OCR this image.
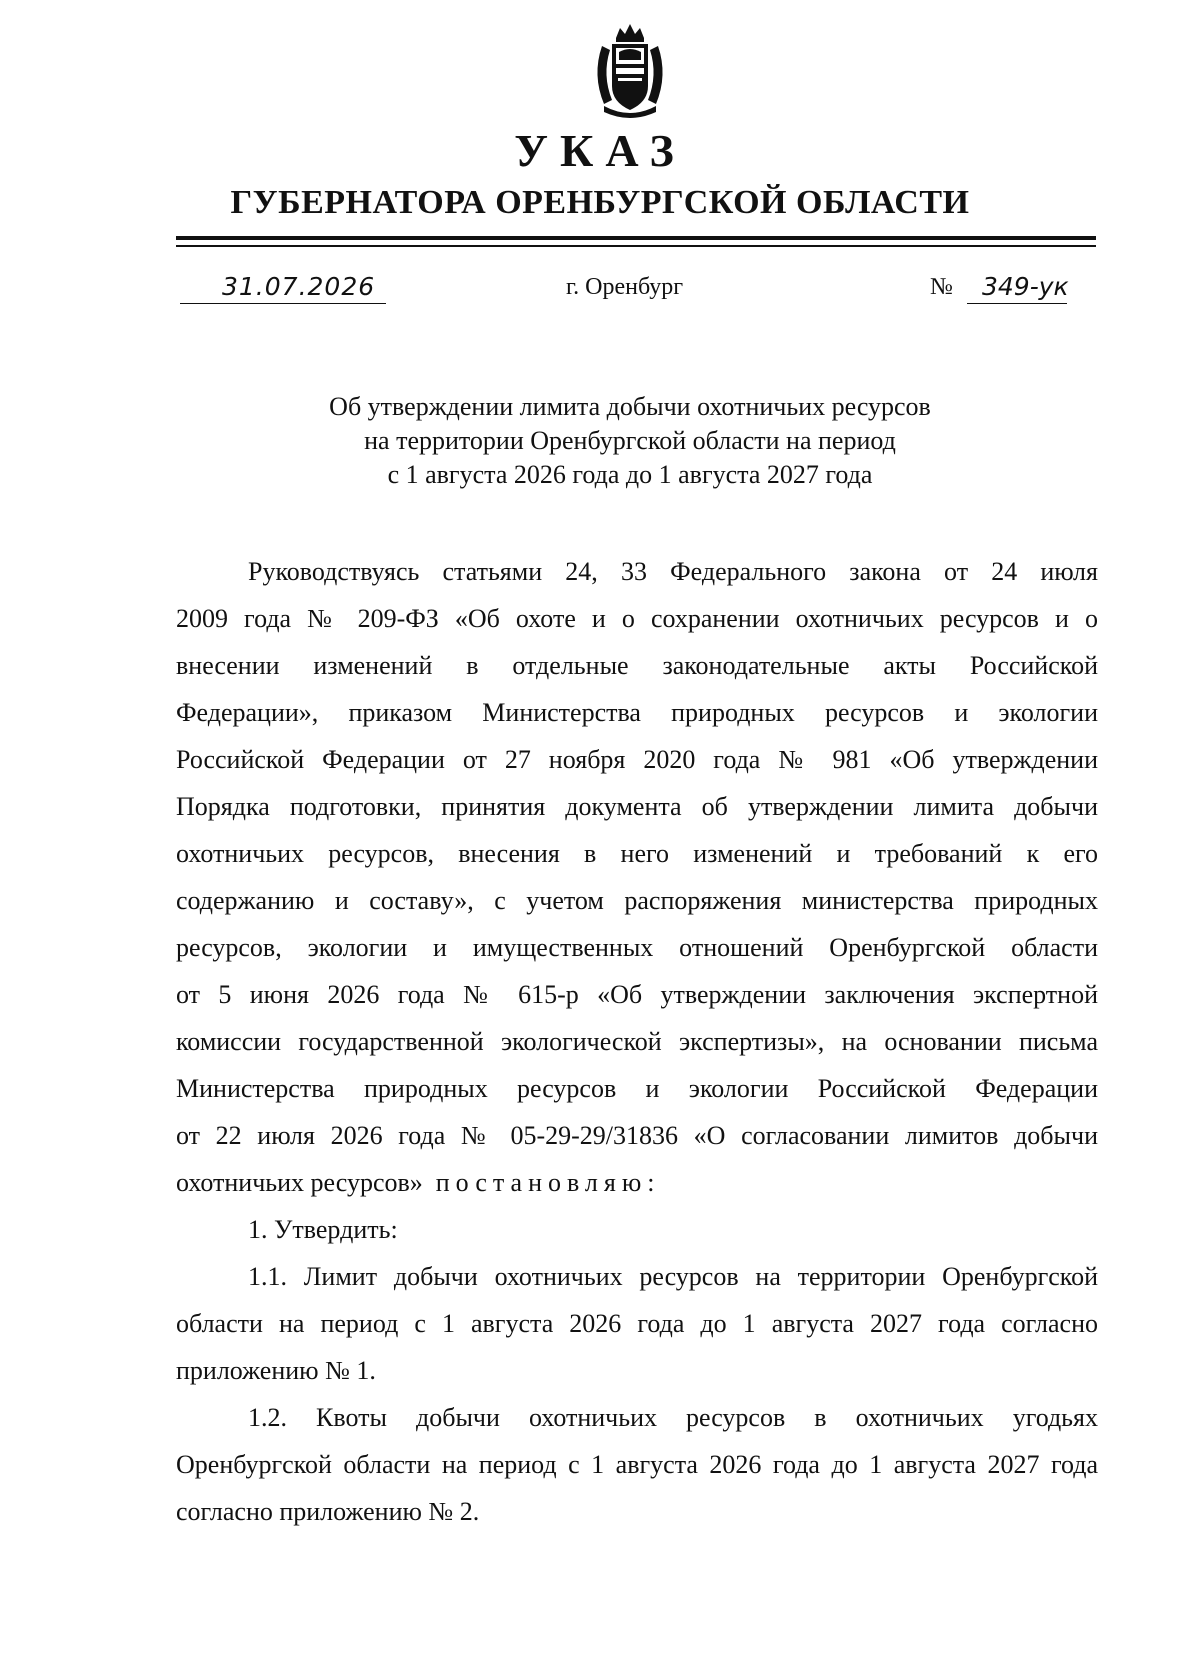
УКАЗ
ГУБЕРНАТОРА ОРЕНБУРГСКОЙ ОБЛАСТИ
31.07.2026	г. Оренбург	№ 349-ук
Об утверждении лимита добычи охотничьих ресурсов
на территории Оренбургской области на период
с 1 августа 2026 года до 1 августа 2027 года
Руководствуясь статьями 24, 33 Федерального закона от 24 июля
2009 года № 209-ФЗ «Об охоте и о сохранении охотничьих ресурсов и о
внесении изменений в отдельные законодательные акты Российской
Федерации», приказом Министерства природных ресурсов и экологии
Российской Федерации от 27 ноября 2020 года № 981 «Об утверждении
Порядка подготовки, принятия документа об утверждении лимита добычи
охотничьих ресурсов, внесения в него изменений и требований к его
содержанию и составу», с учетом распоряжения министерства природных
ресурсов, экологии и имущественных отношений Оренбургской области
от 5 июня 2026 года № 615-р «Об утверждении заключения экспертной
комиссии государственной экологической экспертизы», на основании письма
Министерства природных ресурсов и экологии Российской Федерации
от 22 июля 2026 года № 05-29-29/31836 «О согласовании лимитов добычи
охотничьих ресурсов» постановляю:
1. Утвердить:
1.1. Лимит добычи охотничьих ресурсов на территории Оренбургской
области на период с 1 августа 2026 года до 1 августа 2027 года согласно
приложению № 1.
1.2. Квоты добычи охотничьих ресурсов в охотничьих угодьях
Оренбургской области на период с 1 августа 2026 года до 1 августа 2027 года
согласно приложению № 2.
